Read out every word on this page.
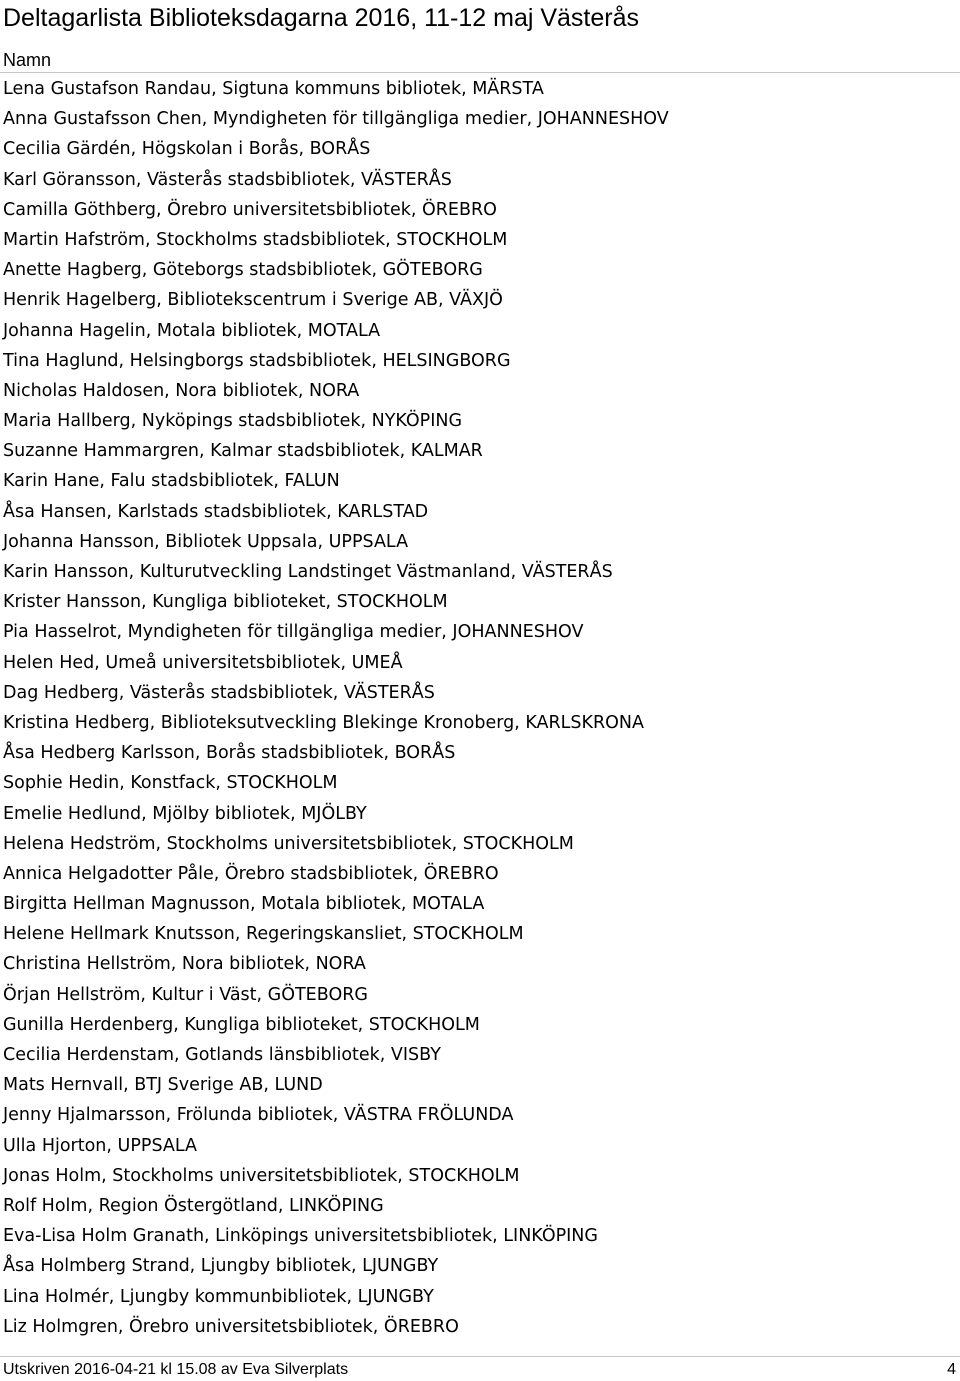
Deltagarlista Biblioteksdagarna 2016, 11-12 maj Västerås
Namn
Lena Gustafson Randau, Sigtuna kommuns bibliotek, MÄRSTA
Anna Gustafsson Chen, Myndigheten för tillgängliga medier, JOHANNESHOV
Cecilia Gärdén, Högskolan i Borås, BORÅS
Karl Göransson, Västerås stadsbibliotek, VÄSTERÅS
Camilla Göthberg, Örebro universitetsbibliotek, ÖREBRO
Martin Hafström, Stockholms stadsbibliotek, STOCKHOLM
Anette Hagberg, Göteborgs stadsbibliotek, GÖTEBORG
Henrik Hagelberg, Bibliotekscentrum i Sverige AB, VÄXJÖ
Johanna Hagelin, Motala bibliotek, MOTALA
Tina Haglund, Helsingborgs stadsbibliotek, HELSINGBORG
Nicholas Haldosen, Nora bibliotek, NORA
Maria Hallberg, Nyköpings stadsbibliotek, NYKÖPING
Suzanne Hammargren, Kalmar stadsbibliotek, KALMAR
Karin Hane, Falu stadsbibliotek, FALUN
Åsa Hansen, Karlstads stadsbibliotek, KARLSTAD
Johanna Hansson, Bibliotek Uppsala, UPPSALA
Karin Hansson, Kulturutveckling Landstinget Västmanland, VÄSTERÅS
Krister Hansson, Kungliga biblioteket, STOCKHOLM
Pia Hasselrot, Myndigheten för tillgängliga medier, JOHANNESHOV
Helen Hed, Umeå universitetsbibliotek, UMEÅ
Dag Hedberg, Västerås stadsbibliotek, VÄSTERÅS
Kristina Hedberg, Biblioteksutveckling Blekinge Kronoberg, KARLSKRONA
Åsa Hedberg Karlsson, Borås stadsbibliotek, BORÅS
Sophie Hedin, Konstfack, STOCKHOLM
Emelie Hedlund, Mjölby bibliotek, MJÖLBY
Helena Hedström, Stockholms universitetsbibliotek, STOCKHOLM
Annica Helgadotter Påle, Örebro stadsbibliotek, ÖREBRO
Birgitta Hellman Magnusson, Motala bibliotek, MOTALA
Helene Hellmark Knutsson, Regeringskansliet, STOCKHOLM
Christina Hellström, Nora bibliotek, NORA
Örjan Hellström, Kultur i Väst, GÖTEBORG
Gunilla Herdenberg, Kungliga biblioteket, STOCKHOLM
Cecilia Herdenstam, Gotlands länsbibliotek, VISBY
Mats Hernvall, BTJ Sverige AB, LUND
Jenny Hjalmarsson, Frölunda bibliotek, VÄSTRA FRÖLUNDA
Ulla Hjorton, UPPSALA
Jonas Holm, Stockholms universitetsbibliotek, STOCKHOLM
Rolf Holm, Region Östergötland, LINKÖPING
Eva-Lisa Holm Granath, Linköpings universitetsbibliotek, LINKÖPING
Åsa Holmberg Strand, Ljungby bibliotek, LJUNGBY
Lina Holmér, Ljungby kommunbibliotek, LJUNGBY
Liz Holmgren, Örebro universitetsbibliotek, ÖREBRO
Utskriven 2016-04-21 kl 15.08 av Eva Silverplats	4
